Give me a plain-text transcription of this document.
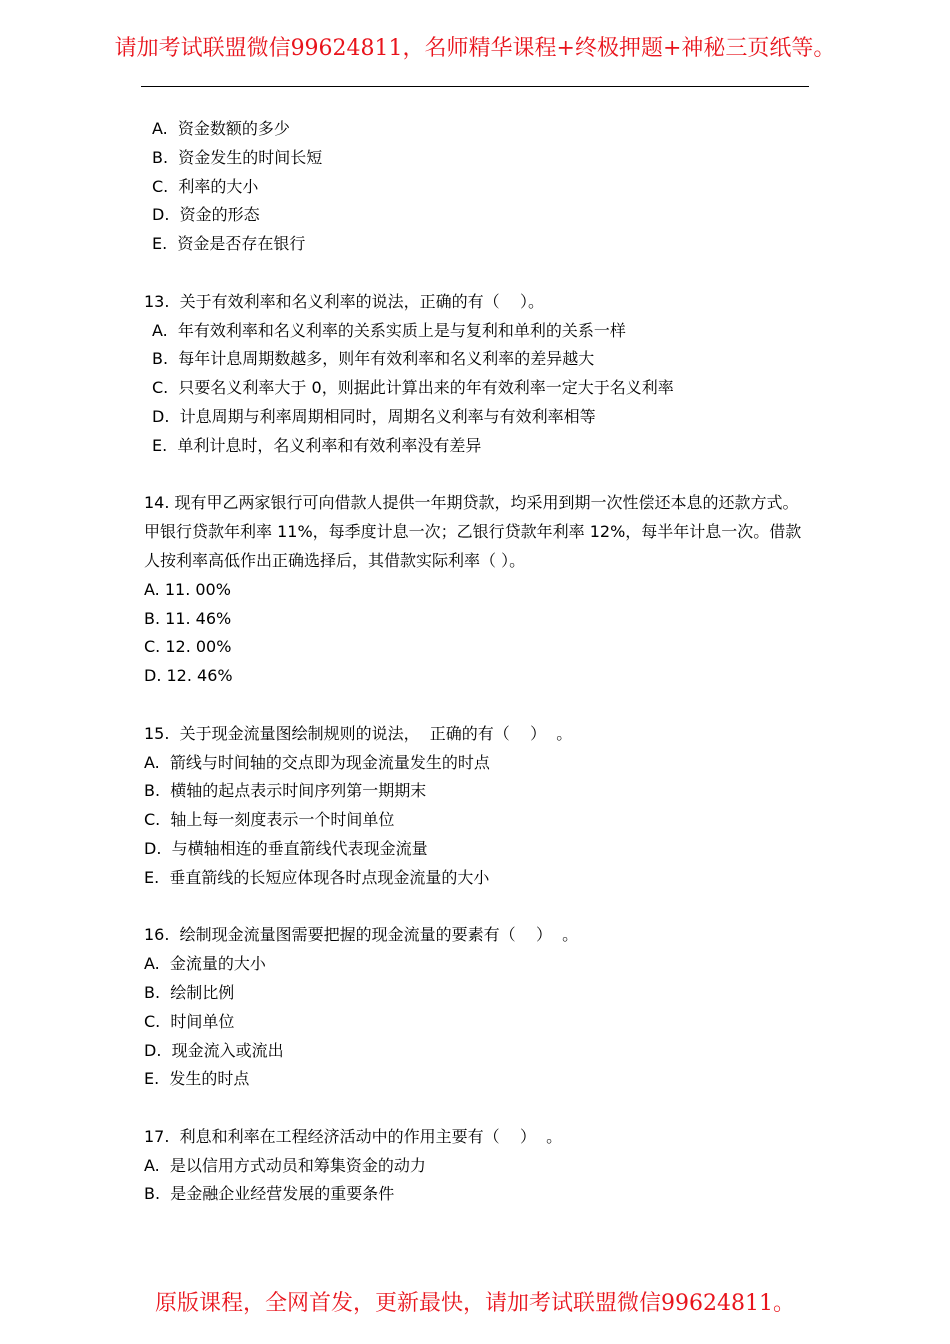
请加考试联盟微信99624811，名师精华课程+终极押题+神秘三页纸等。
A.  资金数额的多少
B.  资金发生的时间长短
C.  利率的大小
D.  资金的形态
E.  资金是否存在银行
13.  关于有效利率和名义利率的说法，正确的有（    ）。
A.  年有效利率和名义利率的关系实质上是与复利和单利的关系一样
B.  每年计息周期数越多，则年有效利率和名义利率的差异越大
C.  只要名义利率大于 0，则据此计算出来的年有效利率一定大于名义利率
D.  计息周期与利率周期相同时，周期名义利率与有效利率相等
E.  单利计息时，名义利率和有效利率没有差异
14. 现有甲乙两家银行可向借款人提供一年期贷款，均采用到期一次性偿还本息的还款方式。甲银行贷款年利率 11%，每季度计息一次；乙银行贷款年利率 12%，每半年计息一次。借款人按利率高低作出正确选择后，其借款实际利率（ ）。
A. 11. 00%
B. 11. 46%
C. 12. 00%
D. 12. 46%
15.  关于现金流量图绘制规则的说法，  正确的有（    ）  。
A.  箭线与时间轴的交点即为现金流量发生的时点
B.  横轴的起点表示时间序列第一期期末
C.  轴上每一刻度表示一个时间单位
D.  与横轴相连的垂直箭线代表现金流量
E.  垂直箭线的长短应体现各时点现金流量的大小
16.  绘制现金流量图需要把握的现金流量的要素有（    ）  。
A.  金流量的大小
B.  绘制比例
C.  时间单位
D.  现金流入或流出
E.  发生的时点
17.  利息和利率在工程经济活动中的作用主要有（    ）  。
A.  是以信用方式动员和筹集资金的动力
B.  是金融企业经营发展的重要条件
原版课程，全网首发，更新最快，请加考试联盟微信99624811。
